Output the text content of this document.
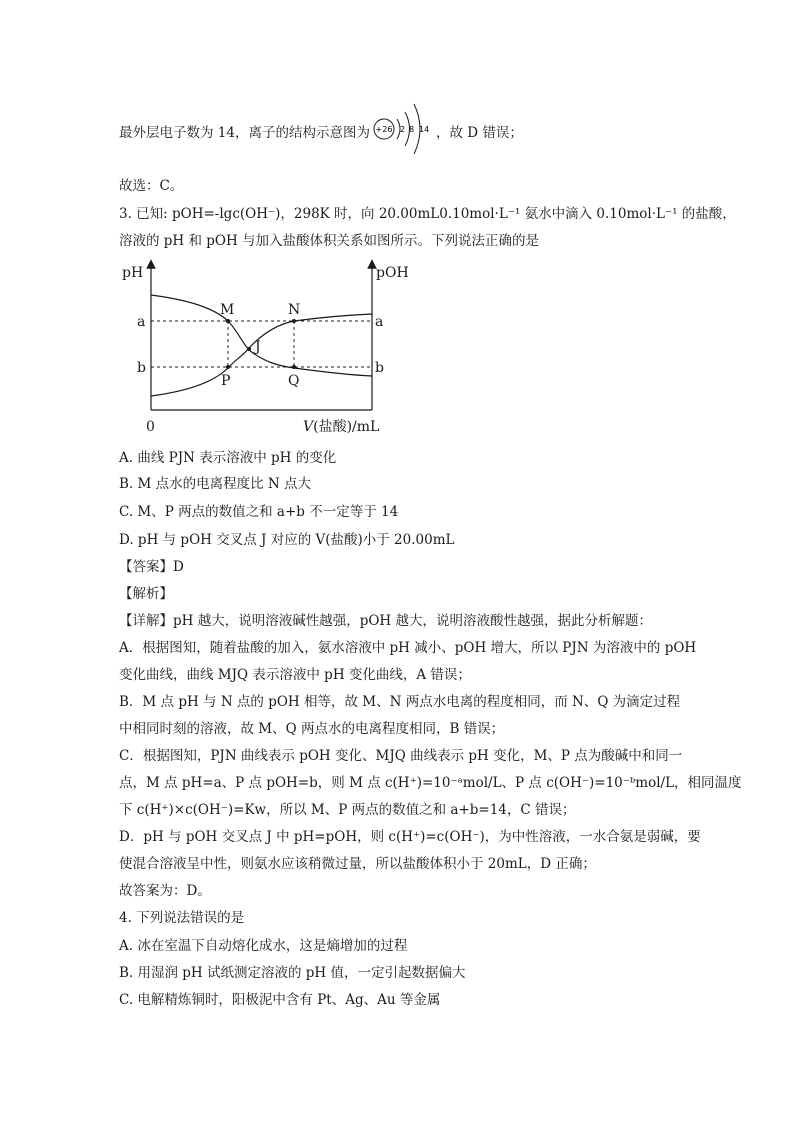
最外层电子数为 14，离子的结构示意图为 +26 2 8 14 ，故 D 错误；
故选：C。
3. 已知: pOH=-lgc(OH⁻)，298K 时，向 20.00mL0.10mol·L⁻¹ 氨水中滴入 0.10mol·L⁻¹ 的盐酸，
溶液的 pH 和 pOH 与加入盐酸体积关系如图所示。下列说法正确的是
pH	pOH
a
b
a
b
M	N
J
P	Q
0	V(盐酸)/mL
A. 曲线 PJN 表示溶液中 pH 的变化
B. M 点水的电离程度比 N 点大
C. M、P 两点的数值之和 a+b 不一定等于 14
D. pH 与 pOH 交叉点 J 对应的 V(盐酸)小于 20.00mL
【答案】D
【解析】
【详解】pH 越大，说明溶液碱性越强，pOH 越大，说明溶液酸性越强，据此分析解题：
A．根据图知，随着盐酸的加入，氨水溶液中 pH 减小、pOH 增大，所以 PJN 为溶液中的 pOH
变化曲线，曲线 MJQ 表示溶液中 pH 变化曲线，A 错误；
B．M 点 pH 与 N 点的 pOH 相等，故 M、N 两点水电离的程度相同，而 N、Q 为滴定过程
中相同时刻的溶液，故 M、Q 两点水的电离程度相同，B 错误；
C．根据图知，PJN 曲线表示 pOH 变化、MJQ 曲线表示 pH 变化，M、P 点为酸碱中和同一
点，M 点 pH=a、P 点 pOH=b，则 M 点 c(H⁺)=10⁻ᵃmol/L、P 点 c(OH⁻)=10⁻ᵇmol/L，相同温度
下 c(H⁺)×c(OH⁻)=Kw，所以 M、P 两点的数值之和 a+b=14，C 错误；
D．pH 与 pOH 交叉点 J 中 pH=pOH，则 c(H⁺)=c(OH⁻)，为中性溶液，一水合氨是弱碱，要
使混合溶液呈中性，则氨水应该稍微过量，所以盐酸体积小于 20mL，D 正确；
故答案为：D。
4. 下列说法错误的是
A. 冰在室温下自动熔化成水，这是熵增加的过程
B. 用湿润 pH 试纸测定溶液的 pH 值，一定引起数据偏大
C. 电解精炼铜时，阳极泥中含有 Pt、Ag、Au 等金属
